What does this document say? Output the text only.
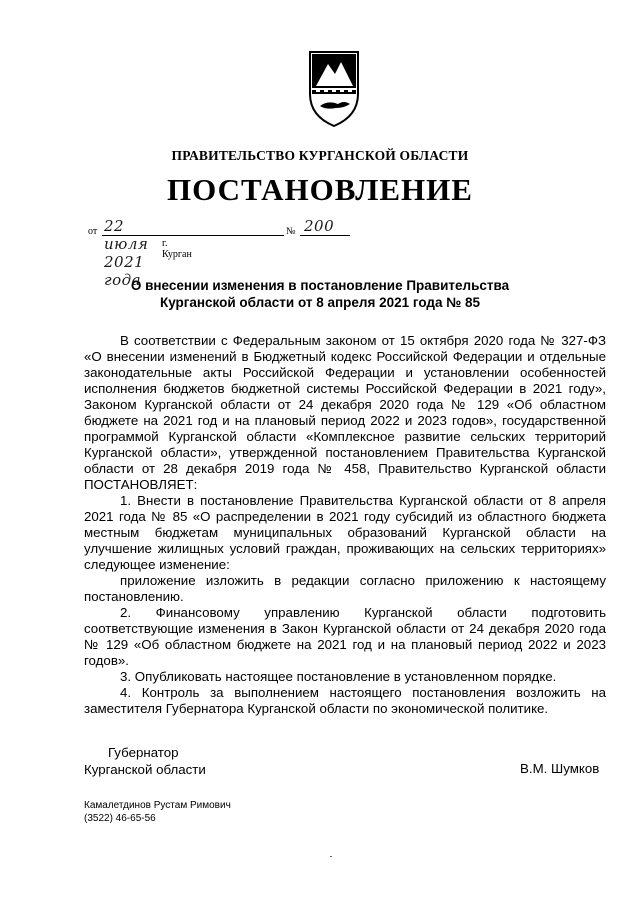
ПРАВИТЕЛЬСТВО КУРГАНСКОЙ ОБЛАСТИ
ПОСТАНОВЛЕНИЕ
от 22 июля 2021 года
№ 200
г. Курган
О внесении изменения в постановление Правительства
Курганской области от 8 апреля 2021 года № 85

В соответствии с Федеральным законом от 15 октября 2020 года № 327-ФЗ «О внесении изменений в Бюджетный кодекс Российской Федерации и отдельные законодательные акты Российской Федерации и установлении особенностей исполнения бюджетов бюджетной системы Российской Федерации в 2021 году», Законом Курганской области от 24 декабря 2020 года № 129 «Об областном бюджете на 2021 год и на плановый период 2022 и 2023 годов», государственной программой Курганской области «Комплексное развитие сельских территорий Курганской области», утвержденной постановлением Правительства Курганской области от 28 декабря 2019 года № 458, Правительство Курганской области ПОСТАНОВЛЯЕТ:

1. Внести в постановление Правительства Курганской области от 8 апреля 2021 года № 85 «О распределении в 2021 году субсидий из областного бюджета местным бюджетам муниципальных образований Курганской области на улучшение жилищных условий граждан, проживающих на сельских территориях» следующее изменение:

приложение изложить в редакции согласно приложению к настоящему постановлению.

2. Финансовому управлению Курганской области подготовить соответствующие изменения в Закон Курганской области от 24 декабря 2020 года № 129 «Об областном бюджете на 2021 год и на плановый период 2022 и 2023 годов».

3. Опубликовать настоящее постановление в установленном порядке.

4. Контроль за выполнением настоящего постановления возложить на заместителя Губернатора Курганской области по экономической политике.

Губернатор
Курганской области	В.М. Шумков
Камалетдинов Рустам Римович
(3522) 46-65-56
